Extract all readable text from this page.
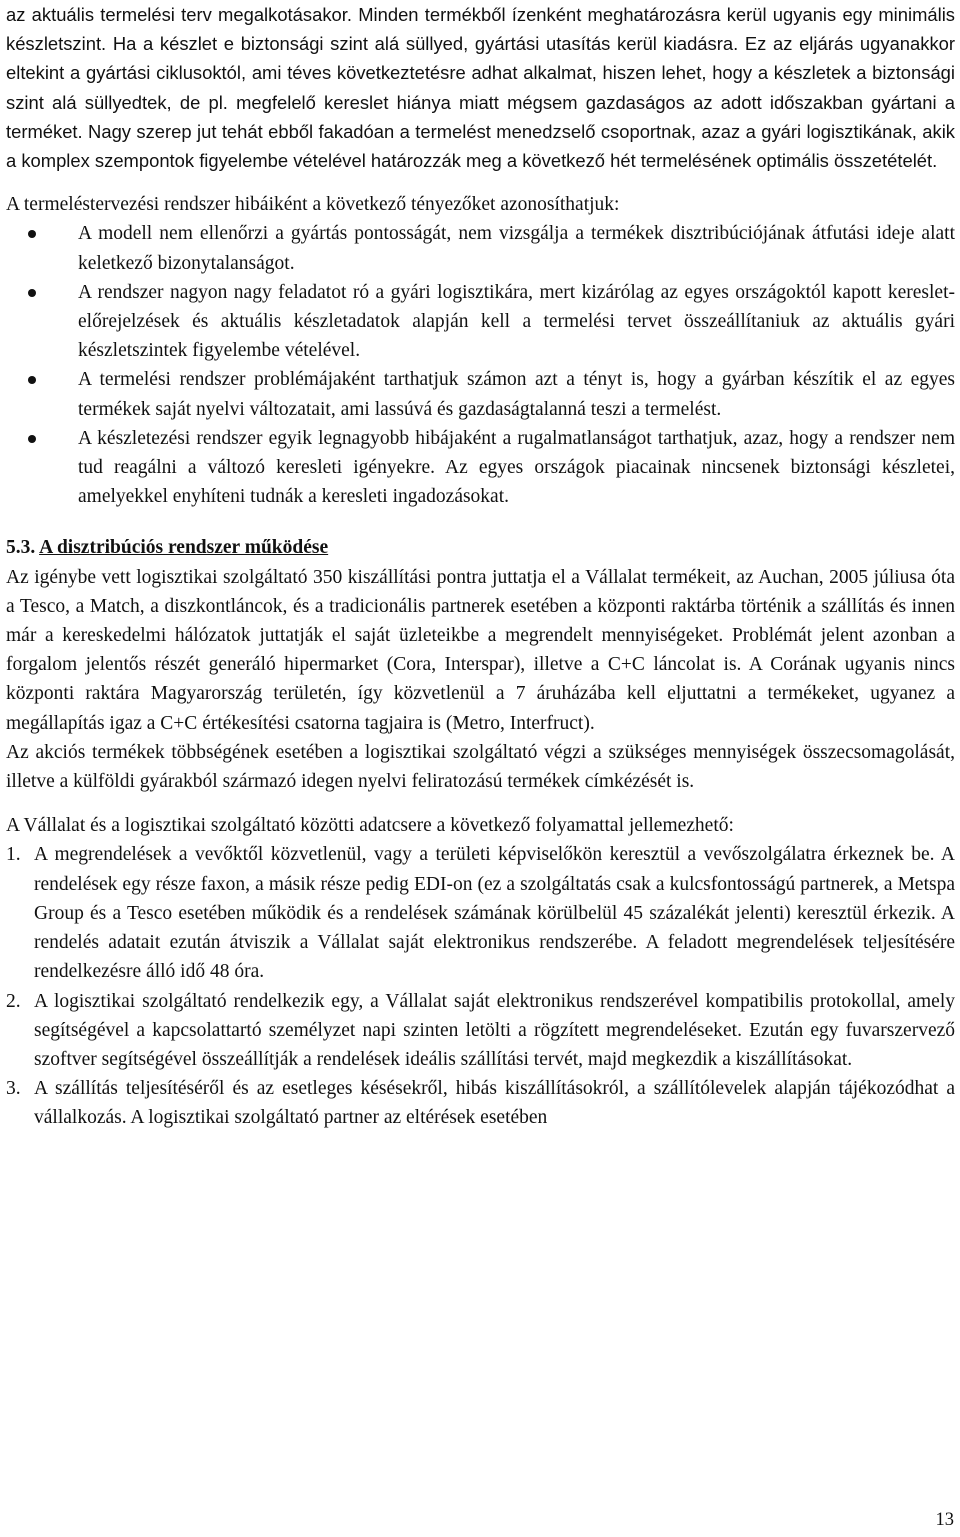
az aktuális termelési terv megalkotásakor. Minden termékből ízenként meghatározásra kerül ugyanis egy minimális készletszint. Ha a készlet e biztonsági szint alá süllyed, gyártási utasítás kerül kiadásra. Ez az eljárás ugyanakkor eltekint a gyártási ciklusoktól, ami téves következtetésre adhat alkalmat, hiszen lehet, hogy a készletek a biztonsági szint alá süllyedtek, de pl. megfelelő kereslet hiánya miatt mégsem gazdaságos az adott időszakban gyártani a terméket. Nagy szerep jut tehát ebből fakadóan a termelést menedzselő csoportnak, azaz a gyári logisztikának, akik a komplex szempontok figyelembe vételével határozzák meg a következő hét termelésének optimális összetételét.

A termeléstervezési rendszer hibáiként a következő tényezőket azonosíthatjuk:

A modell nem ellenőrzi a gyártás pontosságát, nem vizsgálja a termékek disztribúciójának átfutási ideje alatt keletkező bizonytalanságot.
A rendszer nagyon nagy feladatot ró a gyári logisztikára, mert kizárólag az egyes országoktól kapott kereslet-előrejelzések és aktuális készletadatok alapján kell a termelési tervet összeállítaniuk az aktuális gyári készletszintek figyelembe vételével.
A termelési rendszer problémájaként tarthatjuk számon azt a tényt is, hogy a gyárban készítik el az egyes termékek saját nyelvi változatait, ami lassúvá és gazdaságtalanná teszi a termelést.
A készletezési rendszer egyik legnagyobb hibájaként a rugalmatlanságot tarthatjuk, azaz, hogy a rendszer nem tud reagálni a változó keresleti igényekre. Az egyes országok piacainak nincsenek biztonsági készletei, amelyekkel enyhíteni tudnák a keresleti ingadozásokat.
5.3. A disztribúciós rendszer működése

Az igénybe vett logisztikai szolgáltató 350 kiszállítási pontra juttatja el a Vállalat termékeit, az Auchan, 2005 júliusa óta a Tesco, a Match, a diszkontláncok, és a tradicionális partnerek esetében a központi raktárba történik a szállítás és innen már a kereskedelmi hálózatok juttatják el saját üzleteikbe a megrendelt mennyiségeket. Problémát jelent azonban a forgalom jelentős részét generáló hipermarket (Cora, Interspar), illetve a C+C láncolat is. A Corának ugyanis nincs központi raktára Magyarország területén, így közvetlenül a 7 áruházába kell eljuttatni a termékeket, ugyanez a megállapítás igaz a C+C értékesítési csatorna tagjaira is (Metro, Interfruct).

Az akciós termékek többségének esetében a logisztikai szolgáltató végzi a szükséges mennyiségek összecsomagolását, illetve a külföldi gyárakból származó idegen nyelvi feliratozású termékek címkézését is.

A Vállalat és a logisztikai szolgáltató közötti adatcsere a következő folyamattal jellemezhető:

1. A megrendelések a vevőktől közvetlenül, vagy a területi képviselőkön keresztül a vevőszolgálatra érkeznek be. A rendelések egy része faxon, a másik része pedig EDI-on (ez a szolgáltatás csak a kulcsfontosságú partnerek, a Metspa Group és a Tesco esetében működik és a rendelések számának körülbelül 45 százalékát jelenti) keresztül érkezik. A rendelés adatait ezután átviszik a Vállalat saját elektronikus rendszerébe. A feladott megrendelések teljesítésére rendelkezésre álló idő 48 óra.
2. A logisztikai szolgáltató rendelkezik egy, a Vállalat saját elektronikus rendszerével kompatibilis protokollal, amely segítségével a kapcsolattartó személyzet napi szinten letölti a rögzített megrendeléseket. Ezután egy fuvarszervező szoftver segítségével összeállítják a rendelések ideális szállítási tervét, majd megkezdik a kiszállításokat.
3. A szállítás teljesítéséről és az esetleges késésekről, hibás kiszállításokról, a szállítólevelek alapján tájékozódhat a vállalkozás. A logisztikai szolgáltató partner az eltérések esetében
13
